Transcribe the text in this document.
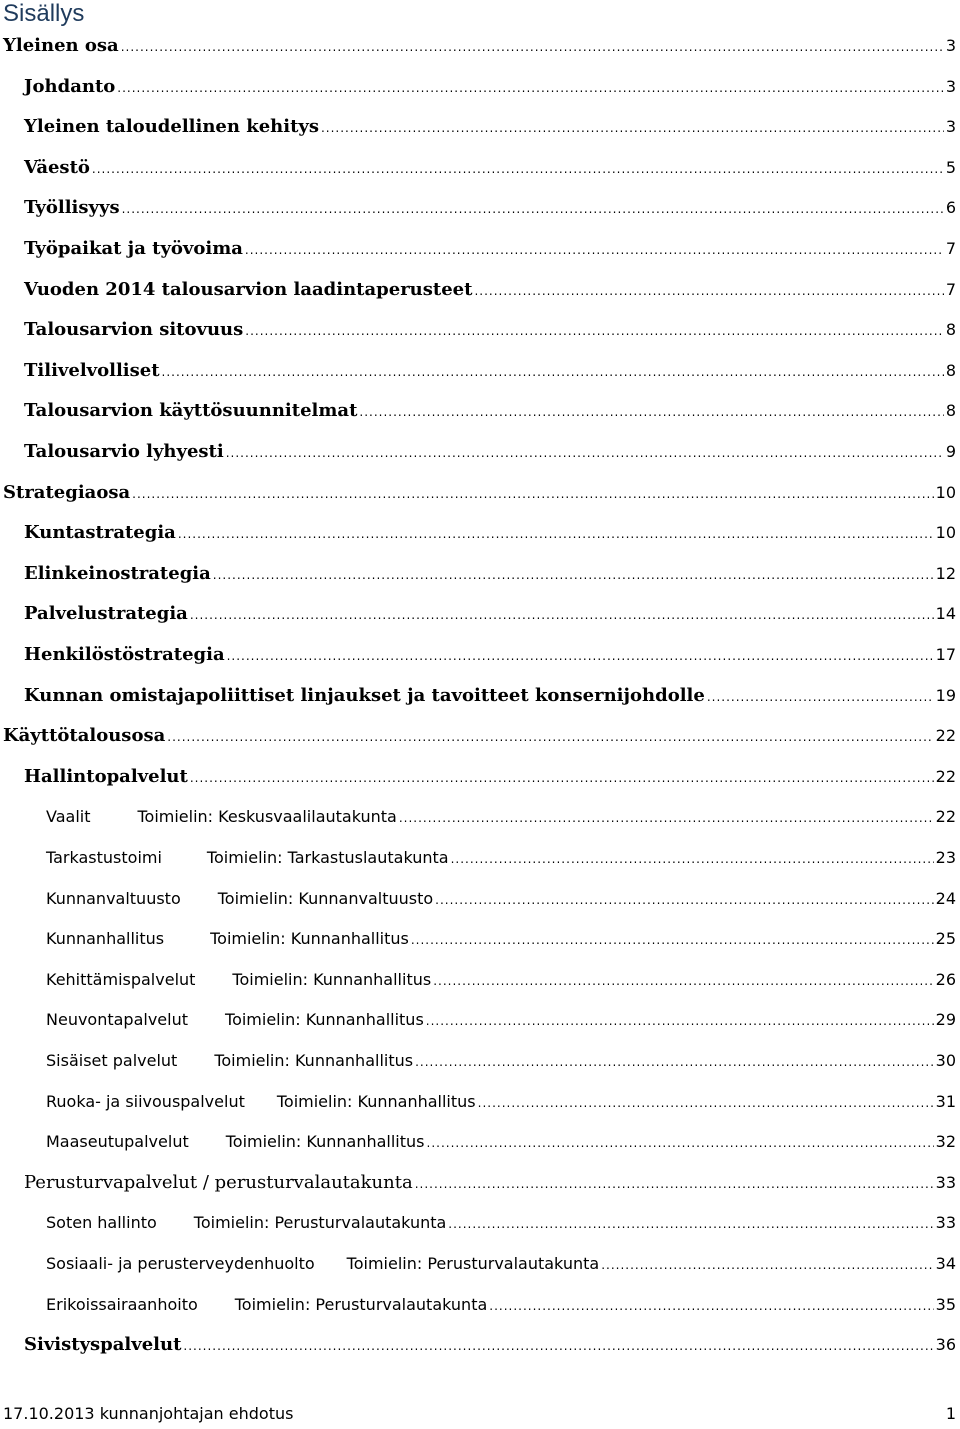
Sisällys
Yleinen osa .....	3
Johdanto .....	3
Yleinen taloudellinen kehitys .....	3
Väestö .....	5
Työllisyys .....	6
Työpaikat ja työvoima .....	7
Vuoden 2014 talousarvion laadintaperusteet .....	7
Talousarvion sitovuus .....	8
Tilivelvolliset .....	8
Talousarvion käyttösuunnitelmat .....	8
Talousarvio lyhyesti .....	9
Strategiaosa .....	10
Kuntastrategia .....	10
Elinkeinostrategia .....	12
Palvelustrategia .....	14
Henkilöstöstrategia .....	17
Kunnan omistajapoliittiset linjaukset ja tavoitteet konsernijohdolle .....	19
Käyttötalousosa .....	22
Hallintopalvelut .....	22
Vaalit	Toimielin: Keskusvaalilautakunta .....	22
Tarkastustoimi	Toimielin: Tarkastuslautakunta .....	23
Kunnanvaltuusto Toimielin: Kunnanvaltuusto .....	24
Kunnanhallitus	Toimielin: Kunnanhallitus .....	25
Kehittämispalvelut Toimielin: Kunnanhallitus .....	26
Neuvontapalvelut Toimielin: Kunnanhallitus .....	29
Sisäiset palvelut Toimielin: Kunnanhallitus .....	30
Ruoka- ja siivouspalvelut Toimielin: Kunnanhallitus .....	31
Maaseutupalvelut Toimielin: Kunnanhallitus .....	32
Perusturvapalvelut / perusturvalautakunta .....	33
Soten hallinto Toimielin: Perusturvalautakunta .....	33
Sosiaali- ja perusterveydenhuolto Toimielin: Perusturvalautakunta .....	34
Erikoissairaanhoito Toimielin: Perusturvalautakunta .....	35
Sivistyspalvelut .....	36
17.10.2013 kunnanjohtajan ehdotus	1
